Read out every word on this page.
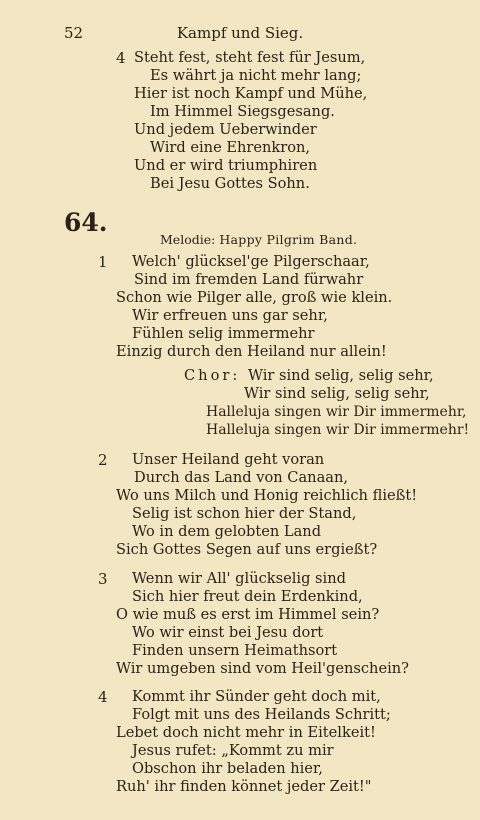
52	Kampf und Sieg.
4 Steht fest, steht fest für Jesum,
Es währt ja nicht mehr lang;
Hier ist noch Kampf und Mühe,
Im Himmel Siegsgesang.
Und jedem Ueberwinder
Wird eine Ehrenkron,
Und er wird triumphiren
Bei Jesu Gottes Sohn.
64.
Melodie: Happy Pilgrim Band.
1 Welch' glücksel'ge Pilgerschaar,
Sind im fremden Land fürwahr
Schon wie Pilger alle, groß wie klein.
Wir erfreuen uns gar sehr,
Fühlen selig immermehr
Einzig durch den Heiland nur allein!
Chor: Wir sind selig, selig sehr,
Wir sind selig, selig sehr,
Halleluja singen wir Dir immermehr,
Halleluja singen wir Dir immermehr!
2 Unser Heiland geht voran
Durch das Land von Canaan,
Wo uns Milch und Honig reichlich fließt!
Selig ist schon hier der Stand,
Wo in dem gelobten Land
Sich Gottes Segen auf uns ergießt?
3 Wenn wir All' glückselig sind
Sich hier freut dein Erdenkind,
O wie muß es erst im Himmel sein?
Wo wir einst bei Jesu dort
Finden unsern Heimathsort
Wir umgeben sind vom Heil'genschein?
4 Kommt ihr Sünder geht doch mit,
Folgt mit uns des Heilands Schritt;
Lebet doch nicht mehr in Eitelkeit!
Jesus rufet: „Kommt zu mir
Obschon ihr beladen hier,
Ruh' ihr finden könnet jeder Zeit!"
